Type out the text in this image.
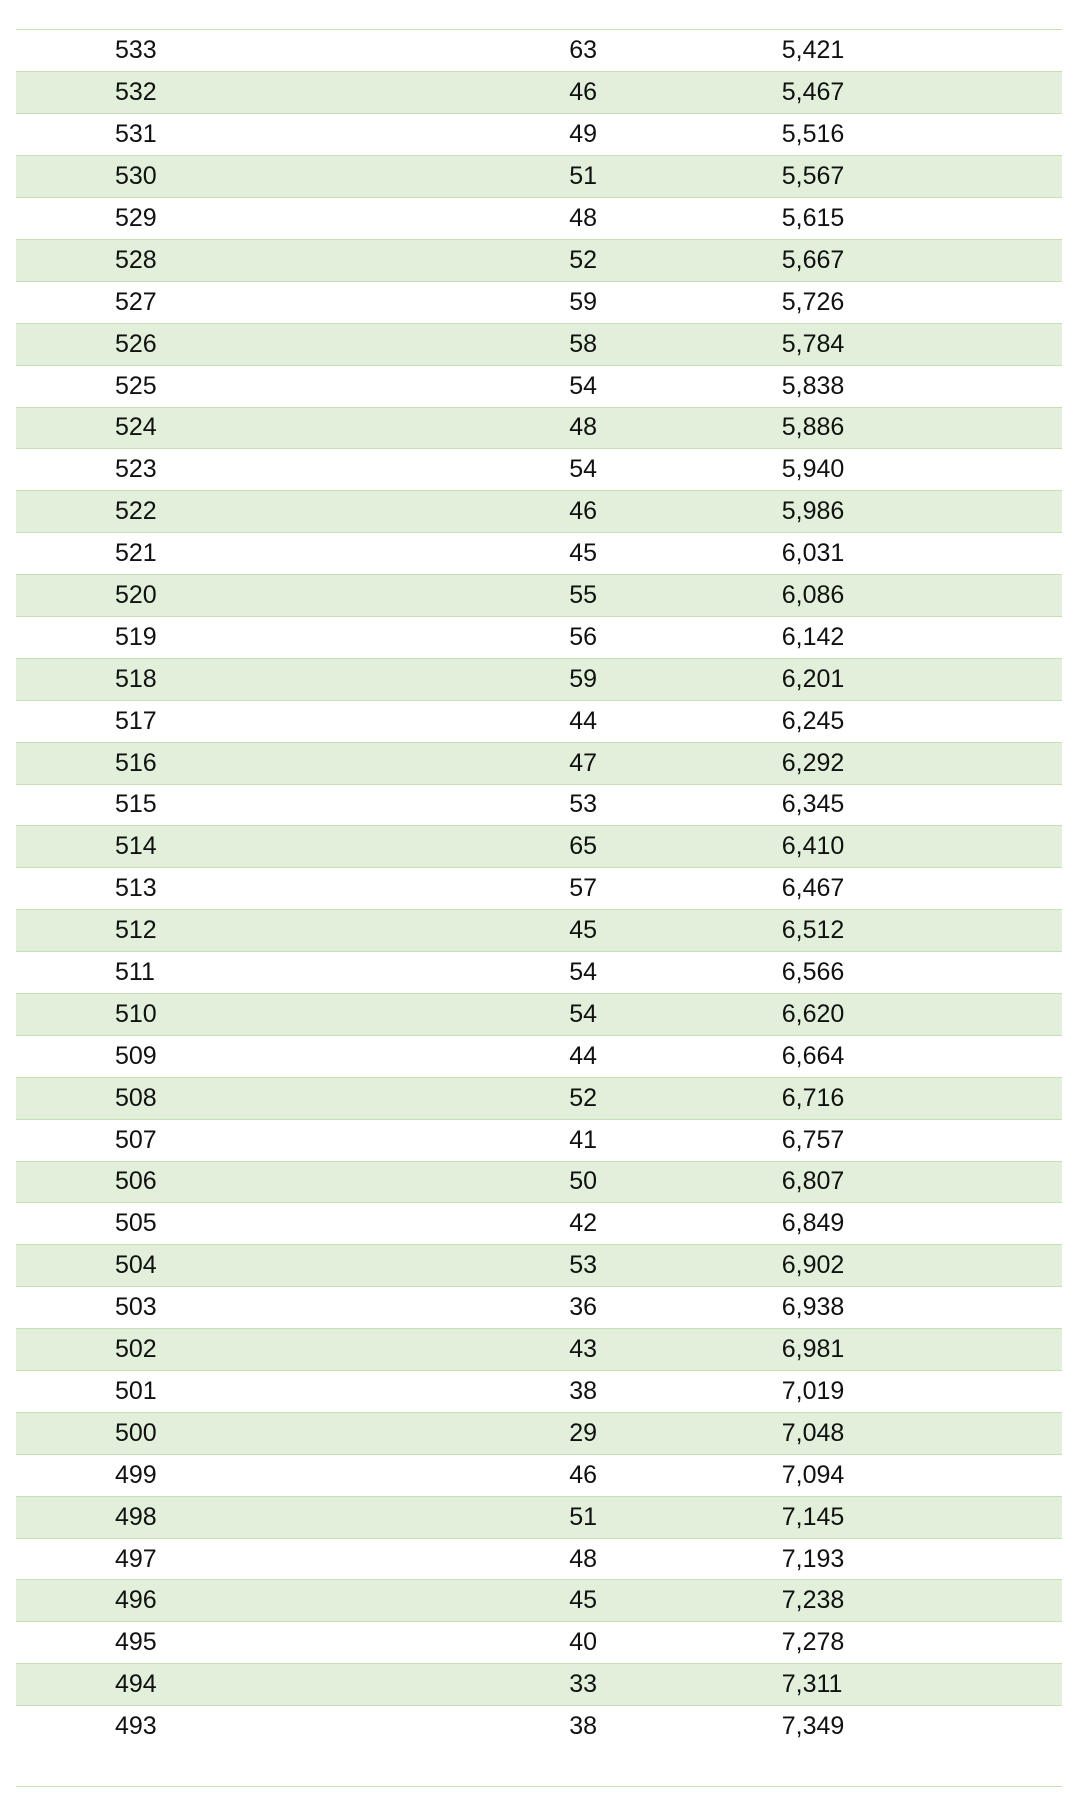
533	63	5,421
532	46	5,467
531	49	5,516
530	51	5,567
529	48	5,615
528	52	5,667
527	59	5,726
526	58	5,784
525	54	5,838
524	48	5,886
523	54	5,940
522	46	5,986
521	45	6,031
520	55	6,086
519	56	6,142
518	59	6,201
517	44	6,245
516	47	6,292
515	53	6,345
514	65	6,410
513	57	6,467
512	45	6,512
511	54	6,566
510	54	6,620
509	44	6,664
508	52	6,716
507	41	6,757
506	50	6,807
505	42	6,849
504	53	6,902
503	36	6,938
502	43	6,981
501	38	7,019
500	29	7,048
499	46	7,094
498	51	7,145
497	48	7,193
496	45	7,238
495	40	7,278
494	33	7,311
493	38	7,349
